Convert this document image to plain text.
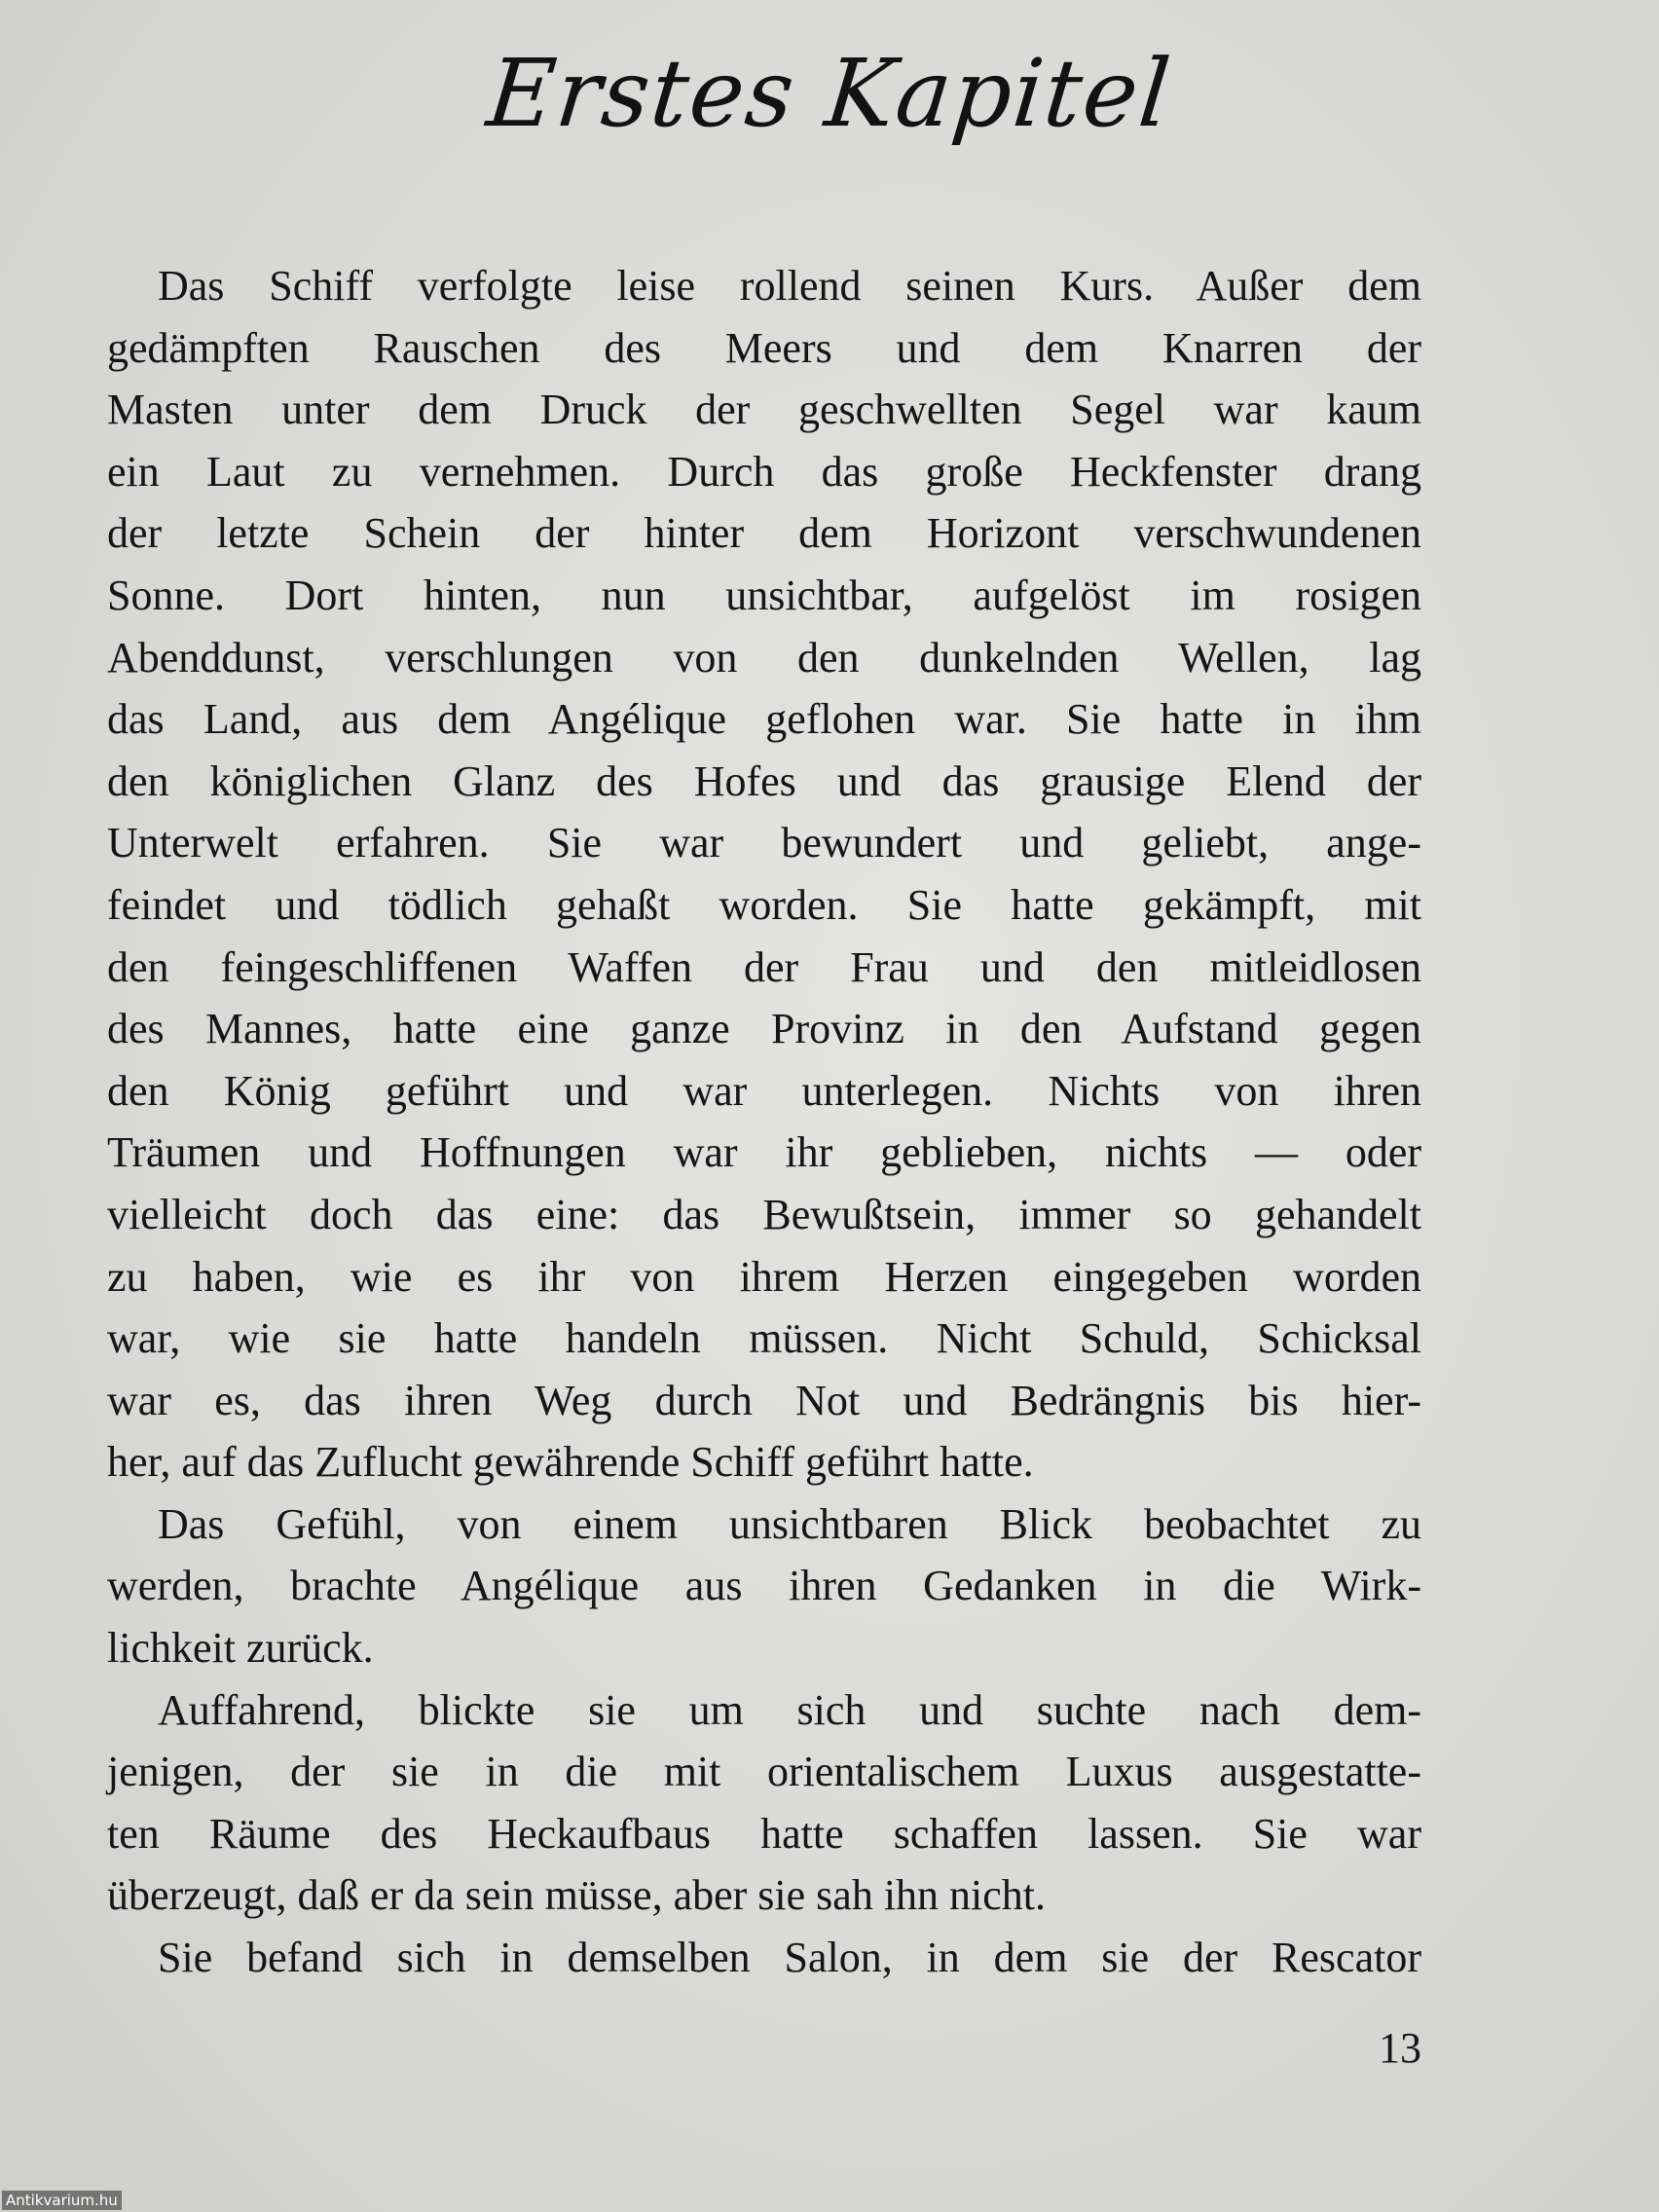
Erstes Kapitel
Das Schiff verfolgte leise rollend seinen Kurs. Außer dem
gedämpften Rauschen des Meers und dem Knarren der
Masten unter dem Druck der geschwellten Segel war kaum
ein Laut zu vernehmen. Durch das große Heckfenster drang
der letzte Schein der hinter dem Horizont verschwundenen
Sonne. Dort hinten, nun unsichtbar, aufgelöst im rosigen
Abenddunst, verschlungen von den dunkelnden Wellen, lag
das Land, aus dem Angélique geflohen war. Sie hatte in ihm
den königlichen Glanz des Hofes und das grausige Elend der
Unterwelt erfahren. Sie war bewundert und geliebt, ange-
feindet und tödlich gehaßt worden. Sie hatte gekämpft, mit
den feingeschliffenen Waffen der Frau und den mitleidlosen
des Mannes, hatte eine ganze Provinz in den Aufstand gegen
den König geführt und war unterlegen. Nichts von ihren
Träumen und Hoffnungen war ihr geblieben, nichts — oder
vielleicht doch das eine: das Bewußtsein, immer so gehandelt
zu haben, wie es ihr von ihrem Herzen eingegeben worden
war, wie sie hatte handeln müssen. Nicht Schuld, Schicksal
war es, das ihren Weg durch Not und Bedrängnis bis hier-
her, auf das Zuflucht gewährende Schiff geführt hatte.
Das Gefühl, von einem unsichtbaren Blick beobachtet zu
werden, brachte Angélique aus ihren Gedanken in die Wirk-
lichkeit zurück.
Auffahrend, blickte sie um sich und suchte nach dem-
jenigen, der sie in die mit orientalischem Luxus ausgestatte-
ten Räume des Heckaufbaus hatte schaffen lassen. Sie war
überzeugt, daß er da sein müsse, aber sie sah ihn nicht.
Sie befand sich in demselben Salon, in dem sie der Rescator
13
Antikvarium.hu
